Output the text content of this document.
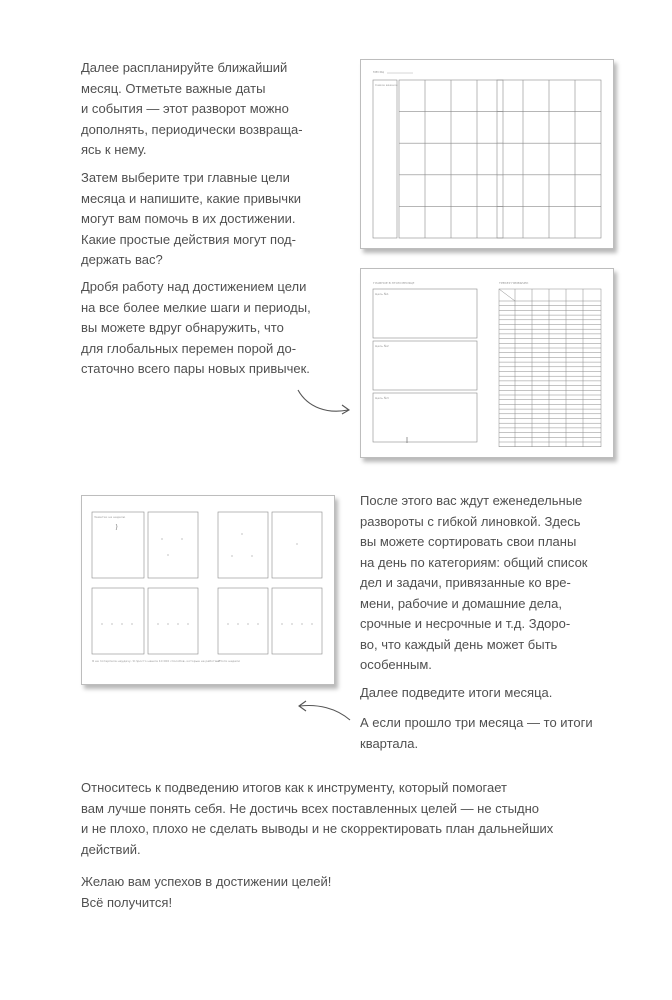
Далее распланируйте ближайший
месяц. Отметьте важные даты
и события — этот разворот можно
дополнять, периодически возвраща-
ясь к нему.

Затем выберите три главные цели
месяца и напишите, какие привычки
могут вам помочь в их достижении.
Какие простые действия могут под-
держать вас?

Дробя работу над достижением цели
на все более мелкие шаги и периоды,
вы можете вдруг обнаружить, что
для глобальных перемен порой до-
статочно всего пары новых привычек.

МЕСЯЦ
Самое важное
ГЛАВНОЕ В ЭТОМ МЕСЯЦЕ	ТРЕКЕР ПРИВЫЧЕК
Цель №1
Цель №2
Цель №3
Заметки на неделю
Я не потерпела неудачу. Я просто нашла 10 000 способов, которые не работают.
Итоги недели

После этого вас ждут еженедельные
развороты с гибкой линовкой. Здесь
вы можете сортировать свои планы
на день по категориям: общий список
дел и задачи, привязанные ко вре-
мени, рабочие и домашние дела,
срочные и несрочные и т.д. Здоро-
во, что каждый день может быть
особенным.

Далее подведите итоги месяца.

А если прошло три месяца — то итоги
квартала.

Относитесь к подведению итогов как к инструменту, который помогает
вам лучше понять себя. Не достичь всех поставленных целей — не стыдно
и не плохо, плохо не сделать выводы и не скорректировать план дальнейших
действий.

Желаю вам успехов в достижении целей!
Всё получится!
